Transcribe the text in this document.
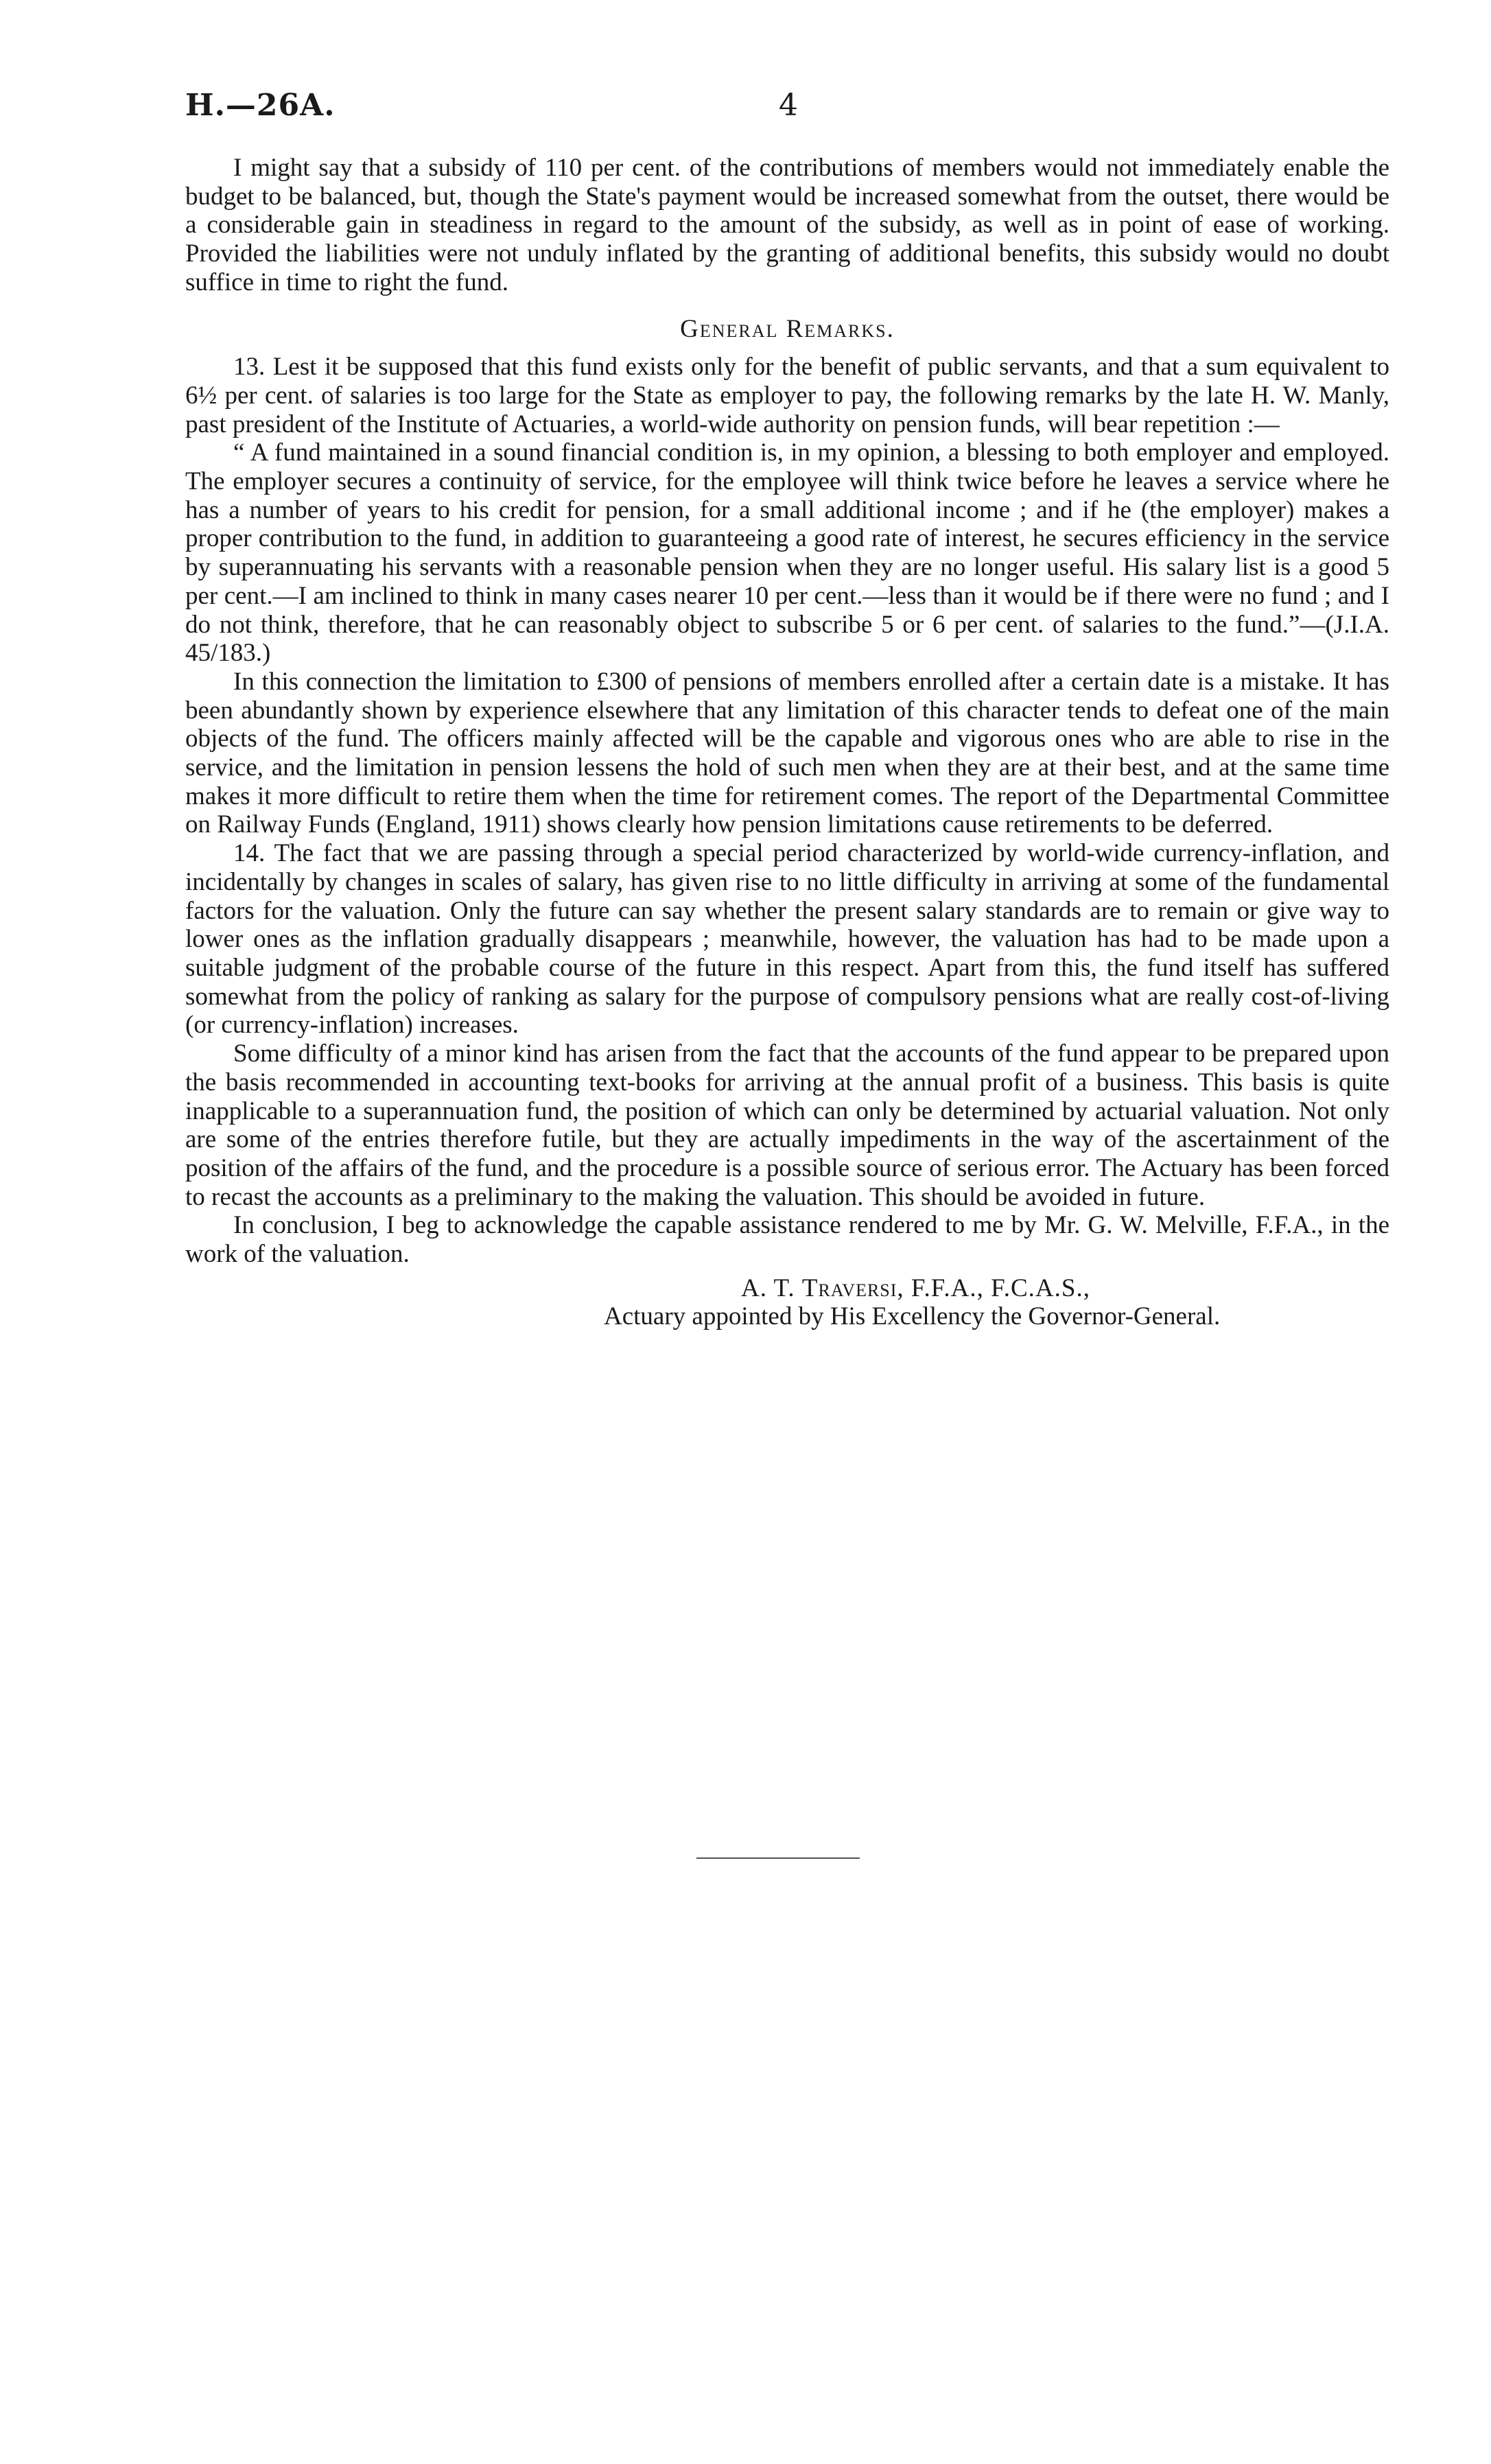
H.—26A.	4

I might say that a subsidy of 110 per cent. of the contributions of members would not immediately enable the budget to be balanced, but, though the State's payment would be increased somewhat from the outset, there would be a considerable gain in steadiness in regard to the amount of the subsidy, as well as in point of ease of working. Provided the liabilities were not unduly inflated by the granting of additional benefits, this subsidy would no doubt suffice in time to right the fund.

General Remarks.

13. Lest it be supposed that this fund exists only for the benefit of public servants, and that a sum equivalent to 6½ per cent. of salaries is too large for the State as employer to pay, the following remarks by the late H. W. Manly, past president of the Institute of Actuaries, a world-wide authority on pension funds, will bear repetition :—

“ A fund maintained in a sound financial condition is, in my opinion, a blessing to both employer and employed. The employer secures a continuity of service, for the employee will think twice before he leaves a service where he has a number of years to his credit for pension, for a small additional income ; and if he (the employer) makes a proper contribution to the fund, in addition to guaranteeing a good rate of interest, he secures efficiency in the service by superannuating his servants with a reasonable pension when they are no longer useful. His salary list is a good 5 per cent.—I am inclined to think in many cases nearer 10 per cent.—less than it would be if there were no fund ; and I do not think, therefore, that he can reasonably object to subscribe 5 or 6 per cent. of salaries to the fund.”—(J.I.A. 45/183.)

In this connection the limitation to £300 of pensions of members enrolled after a certain date is a mistake. It has been abundantly shown by experience elsewhere that any limitation of this character tends to defeat one of the main objects of the fund. The officers mainly affected will be the capable and vigorous ones who are able to rise in the service, and the limitation in pension lessens the hold of such men when they are at their best, and at the same time makes it more difficult to retire them when the time for retirement comes. The report of the Departmental Committee on Railway Funds (England, 1911) shows clearly how pension limitations cause retirements to be deferred.

14. The fact that we are passing through a special period characterized by world-wide currency-inflation, and incidentally by changes in scales of salary, has given rise to no little difficulty in arriving at some of the fundamental factors for the valuation. Only the future can say whether the present salary standards are to remain or give way to lower ones as the inflation gradually disappears ; meanwhile, however, the valuation has had to be made upon a suitable judgment of the probable course of the future in this respect. Apart from this, the fund itself has suffered somewhat from the policy of ranking as salary for the purpose of compulsory pensions what are really cost-of-living (or currency-inflation) increases.

Some difficulty of a minor kind has arisen from the fact that the accounts of the fund appear to be prepared upon the basis recommended in accounting text-books for arriving at the annual profit of a business. This basis is quite inapplicable to a superannuation fund, the position of which can only be determined by actuarial valuation. Not only are some of the entries therefore futile, but they are actually impediments in the way of the ascertainment of the position of the affairs of the fund, and the procedure is a possible source of serious error. The Actuary has been forced to recast the accounts as a preliminary to the making the valuation. This should be avoided in future.

In conclusion, I beg to acknowledge the capable assistance rendered to me by Mr. G. W. Melville, F.F.A., in the work of the valuation.

A. T. Traversi, F.F.A., F.C.A.S.,
Actuary appointed by His Excellency the Governor-General.
